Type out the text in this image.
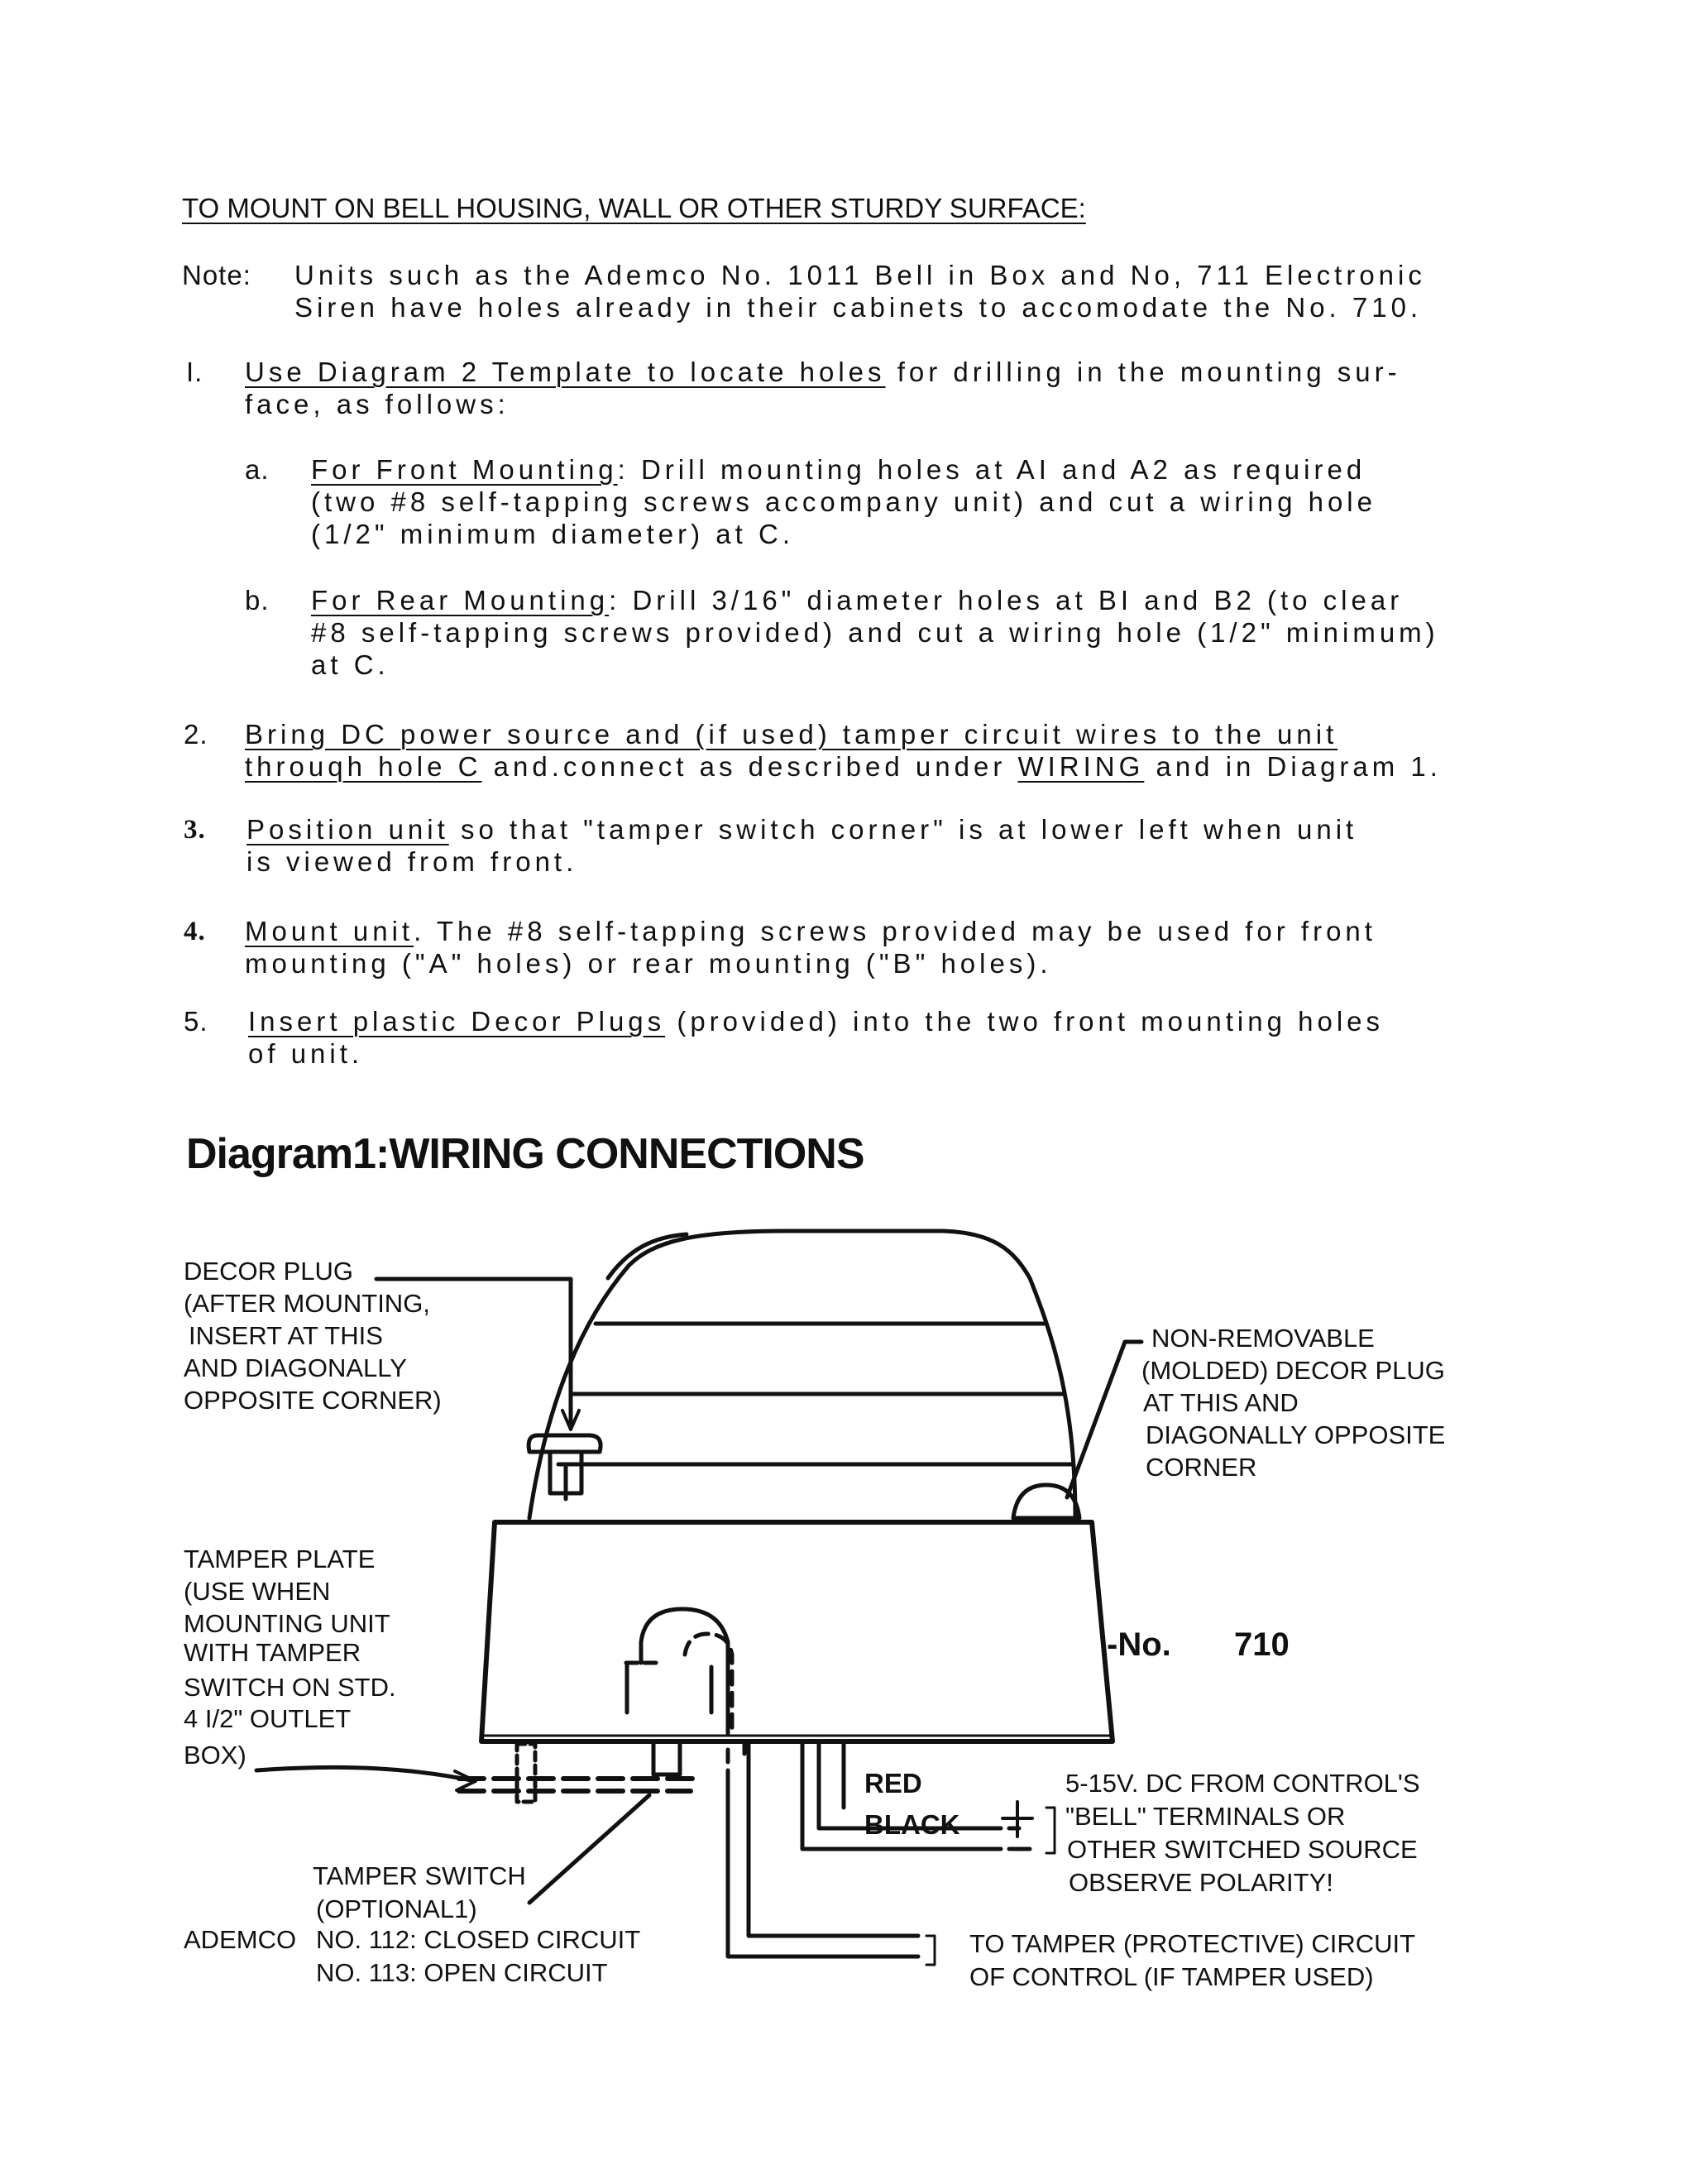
TO MOUNT ON BELL HOUSING, WALL OR OTHER STURDY SURFACE:
Note: Units such as the Ademco No. 1011 Bell in Box and No, 711 Electronic
Siren have holes already in their cabinets to accomodate the No. 710.
I. Use Diagram 2 Template to locate holes for drilling in the mounting sur-
face, as follows:
a. For Front Mounting: Drill mounting holes at AI and A2 as required
(two #8 self-tapping screws accompany unit) and cut a wiring hole
(1/2" minimum diameter) at C.
b. For Rear Mounting: Drill 3/16" diameter holes at BI and B2 (to clear
#8 self-tapping screws provided) and cut a wiring hole (1/2" minimum)
at C.
2. Bring DC power source and (if used) tamper circuit wires to the unit
throuqh hole C and.connect as described under WIRING and in Diagram 1.
3. Position unit so that "tamper switch corner" is at lower left when unit
is viewed from front.
4. Mount unit. The #8 self-tapping screws provided may be used for front
mounting ("A" holes) or rear mounting ("B" holes).
5. Insert plastic Decor Plugs (provided) into the two front mounting holes
of unit.
Diagram1:WIRING CONNECTIONS
DECOR PLUG
(AFTER MOUNTING,
INSERT AT THIS
AND DIAGONALLY
OPPOSITE CORNER)
NON-REMOVABLE
(MOLDED) DECOR PLUG
AT THIS AND
DIAGONALLY OPPOSITE
CORNER
TAMPER PLATE
(USE WHEN
MOUNTING UNIT
WITH TAMPER
SWITCH ON STD.
4 I/2" OUTLET
BOX)
-No. 710
RED
BLACK
5-15V. DC FROM CONTROL'S
"BELL" TERMINALS OR
OTHER SWITCHED SOURCE
OBSERVE POLARITY!
TAMPER SWITCH
(OPTIONAL1)
ADEMCO NO. 112: CLOSED CIRCUIT
NO. 113: OPEN CIRCUIT
TO TAMPER (PROTECTIVE) CIRCUIT
OF CONTROL (IF TAMPER USED)
